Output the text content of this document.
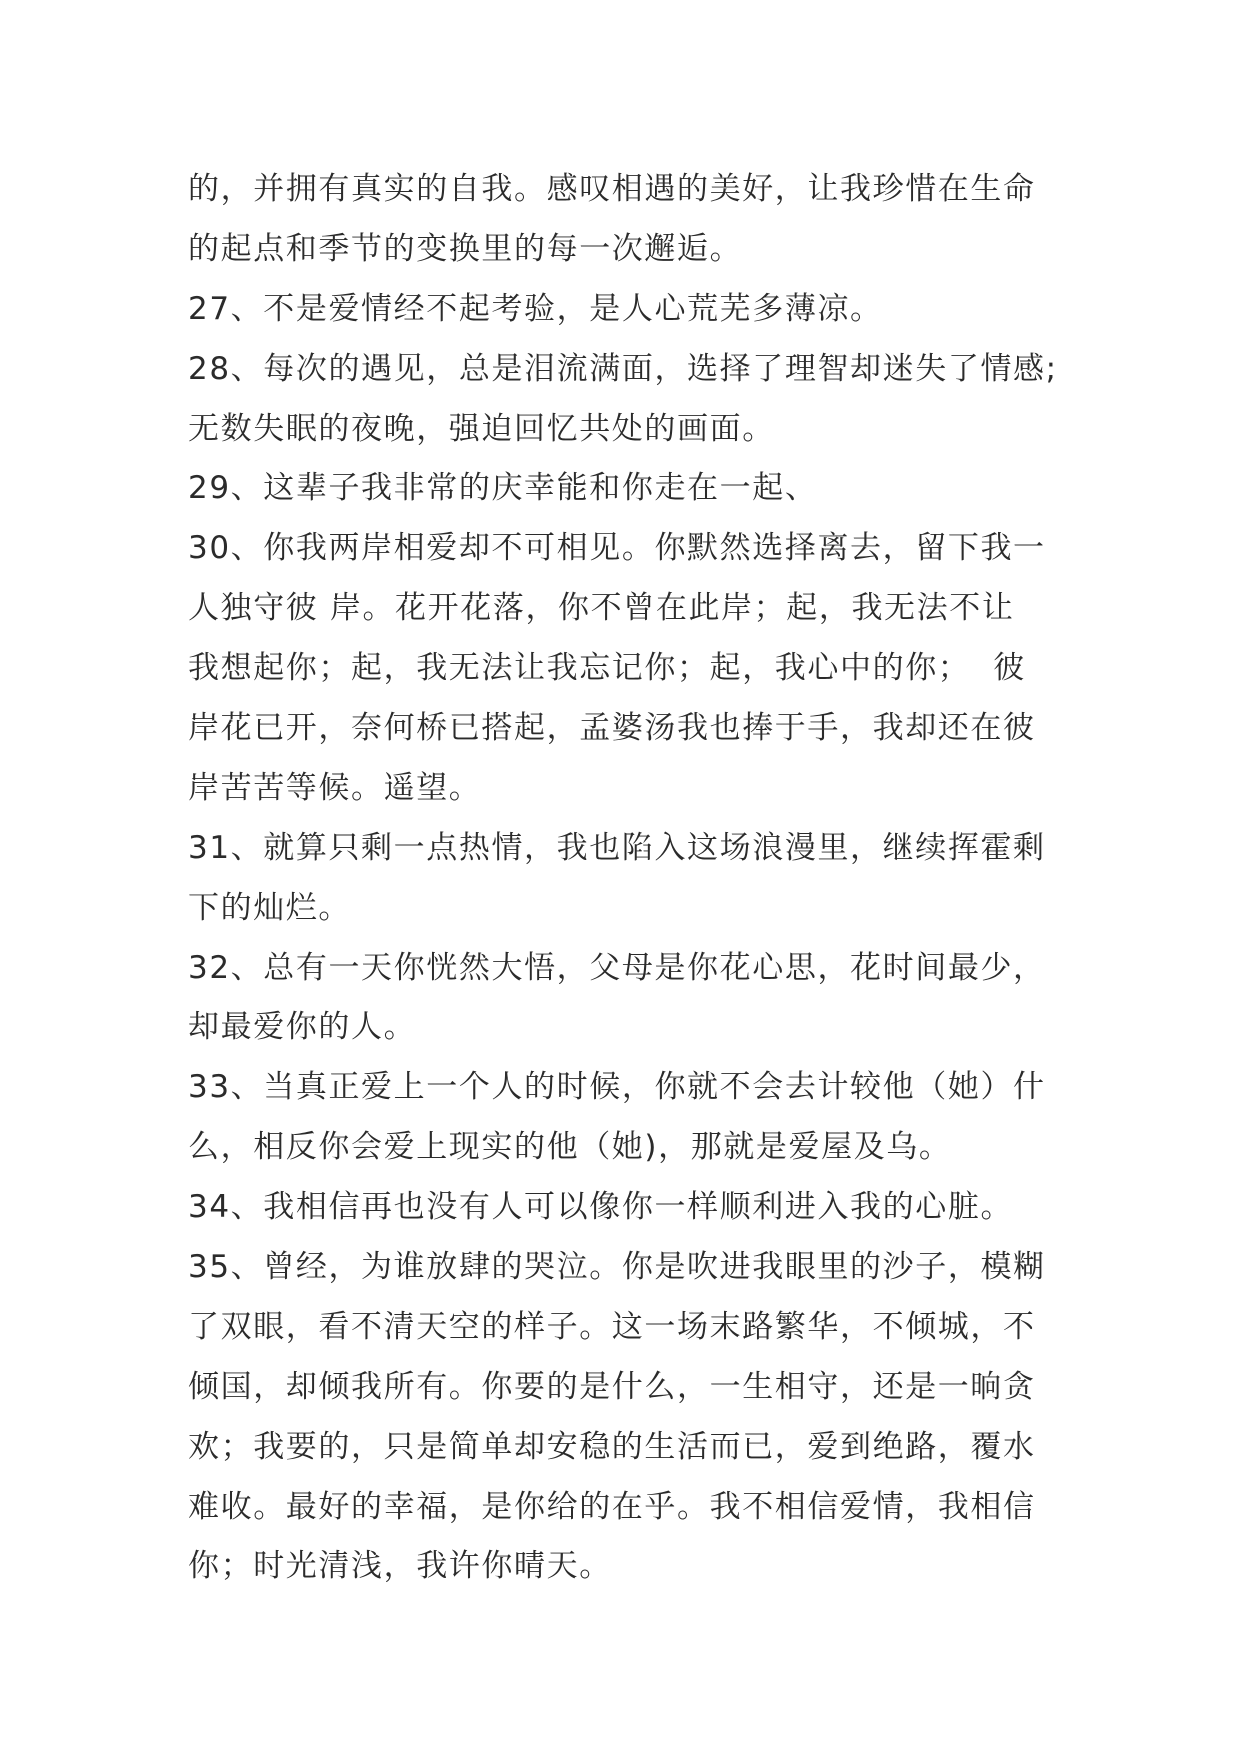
的，并拥有真实的自我。感叹相遇的美好，让我珍惜在生命
的起点和季节的变换里的每一次邂逅。
27、不是爱情经不起考验，是人心荒芜多薄凉。
28、每次的遇见，总是泪流满面，选择了理智却迷失了情感;
无数失眠的夜晚，强迫回忆共处的画面。
29、这辈子我非常的庆幸能和你走在一起、
30、你我两岸相爱却不可相见。你默然选择离去，留下我一
人独守彼 岸。花开花落，你不曾在此岸；起，我无法不让
我想起你；起，我无法让我忘记你；起，我心中的你；  彼
岸花已开，奈何桥已搭起，孟婆汤我也捧于手，我却还在彼
岸苦苦等候。遥望。
31、就算只剩一点热情，我也陷入这场浪漫里，继续挥霍剩
下的灿烂。
32、总有一天你恍然大悟，父母是你花心思，花时间最少，
却最爱你的人。
33、当真正爱上一个人的时候，你就不会去计较他（她）什
么，相反你会爱上现实的他（她)，那就是爱屋及乌。
34、我相信再也没有人可以像你一样顺利进入我的心脏。
35、曾经，为谁放肆的哭泣。你是吹进我眼里的沙子，模糊
了双眼，看不清天空的样子。这一场末路繁华，不倾城，不
倾国，却倾我所有。你要的是什么，一生相守，还是一晌贪
欢；我要的，只是简单却安稳的生活而已，爱到绝路，覆水
难收。最好的幸福，是你给的在乎。我不相信爱情，我相信
你；时光清浅，我许你晴天。
